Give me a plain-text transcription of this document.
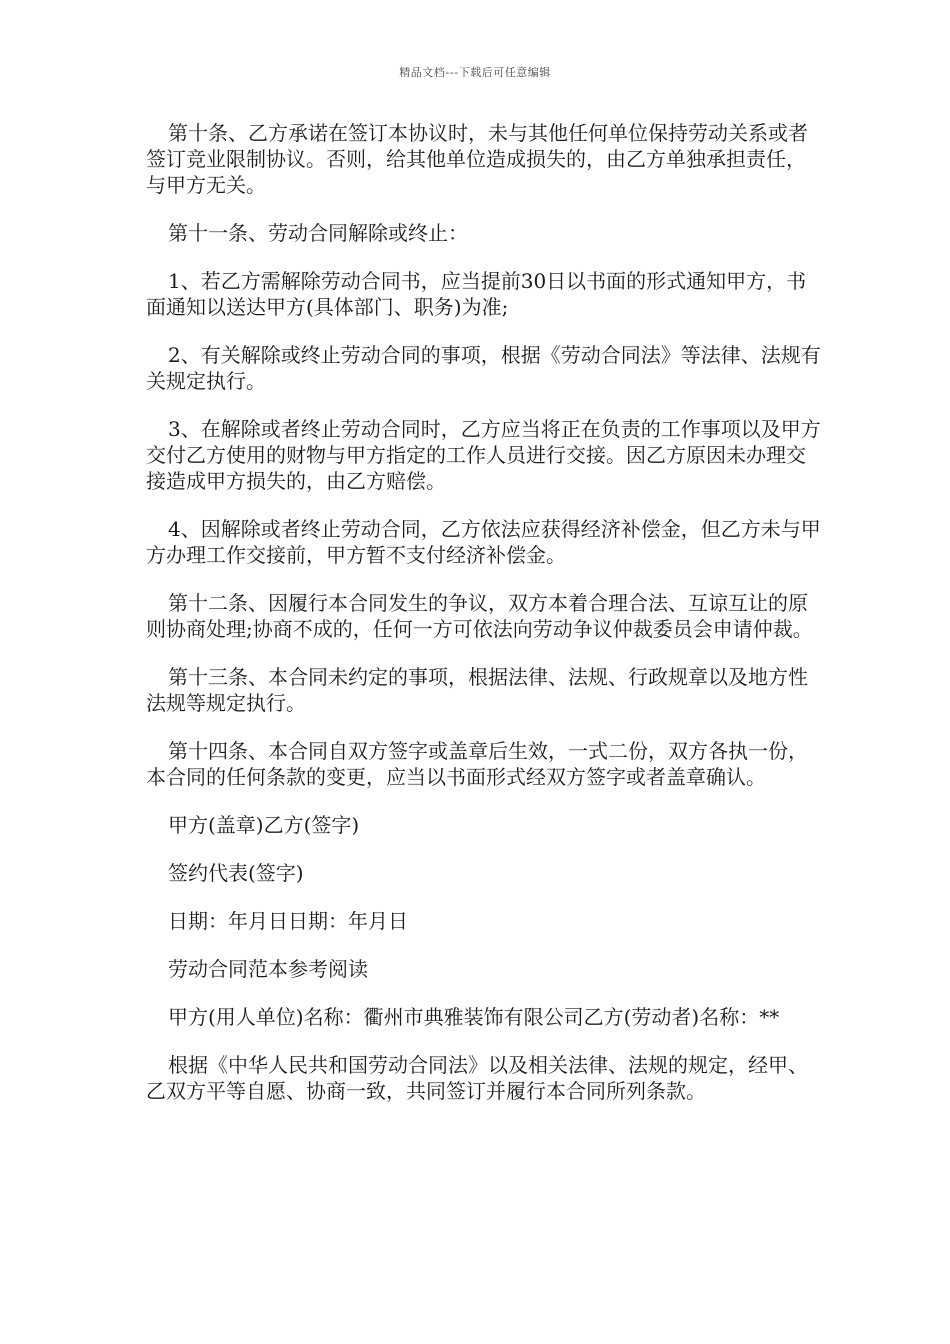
精品文档---下载后可任意编辑

第十条、乙方承诺在签订本协议时，未与其他任何单位保持劳动关系或者签订竞业限制协议。否则，给其他单位造成损失的，由乙方单独承担责任，与甲方无关。

第十一条、劳动合同解除或终止：

1、若乙方需解除劳动合同书，应当提前30日以书面的形式通知甲方，书面通知以送达甲方(具体部门、职务)为准;

2、有关解除或终止劳动合同的事项，根据《劳动合同法》等法律、法规有关规定执行。

3、在解除或者终止劳动合同时，乙方应当将正在负责的工作事项以及甲方交付乙方使用的财物与甲方指定的工作人员进行交接。因乙方原因未办理交接造成甲方损失的，由乙方赔偿。

4、因解除或者终止劳动合同，乙方依法应获得经济补偿金，但乙方未与甲方办理工作交接前，甲方暂不支付经济补偿金。

第十二条、因履行本合同发生的争议，双方本着合理合法、互谅互让的原则协商处理;协商不成的，任何一方可依法向劳动争议仲裁委员会申请仲裁。

第十三条、本合同未约定的事项，根据法律、法规、行政规章以及地方性法规等规定执行。

第十四条、本合同自双方签字或盖章后生效，一式二份，双方各执一份，本合同的任何条款的变更，应当以书面形式经双方签字或者盖章确认。

甲方(盖章)乙方(签字)

签约代表(签字)

日期：年月日日期：年月日

劳动合同范本参考阅读

甲方(用人单位)名称：衢州市典雅装饰有限公司乙方(劳动者)名称：**

根据《中华人民共和国劳动合同法》以及相关法律、法规的规定，经甲、乙双方平等自愿、协商一致，共同签订并履行本合同所列条款。
